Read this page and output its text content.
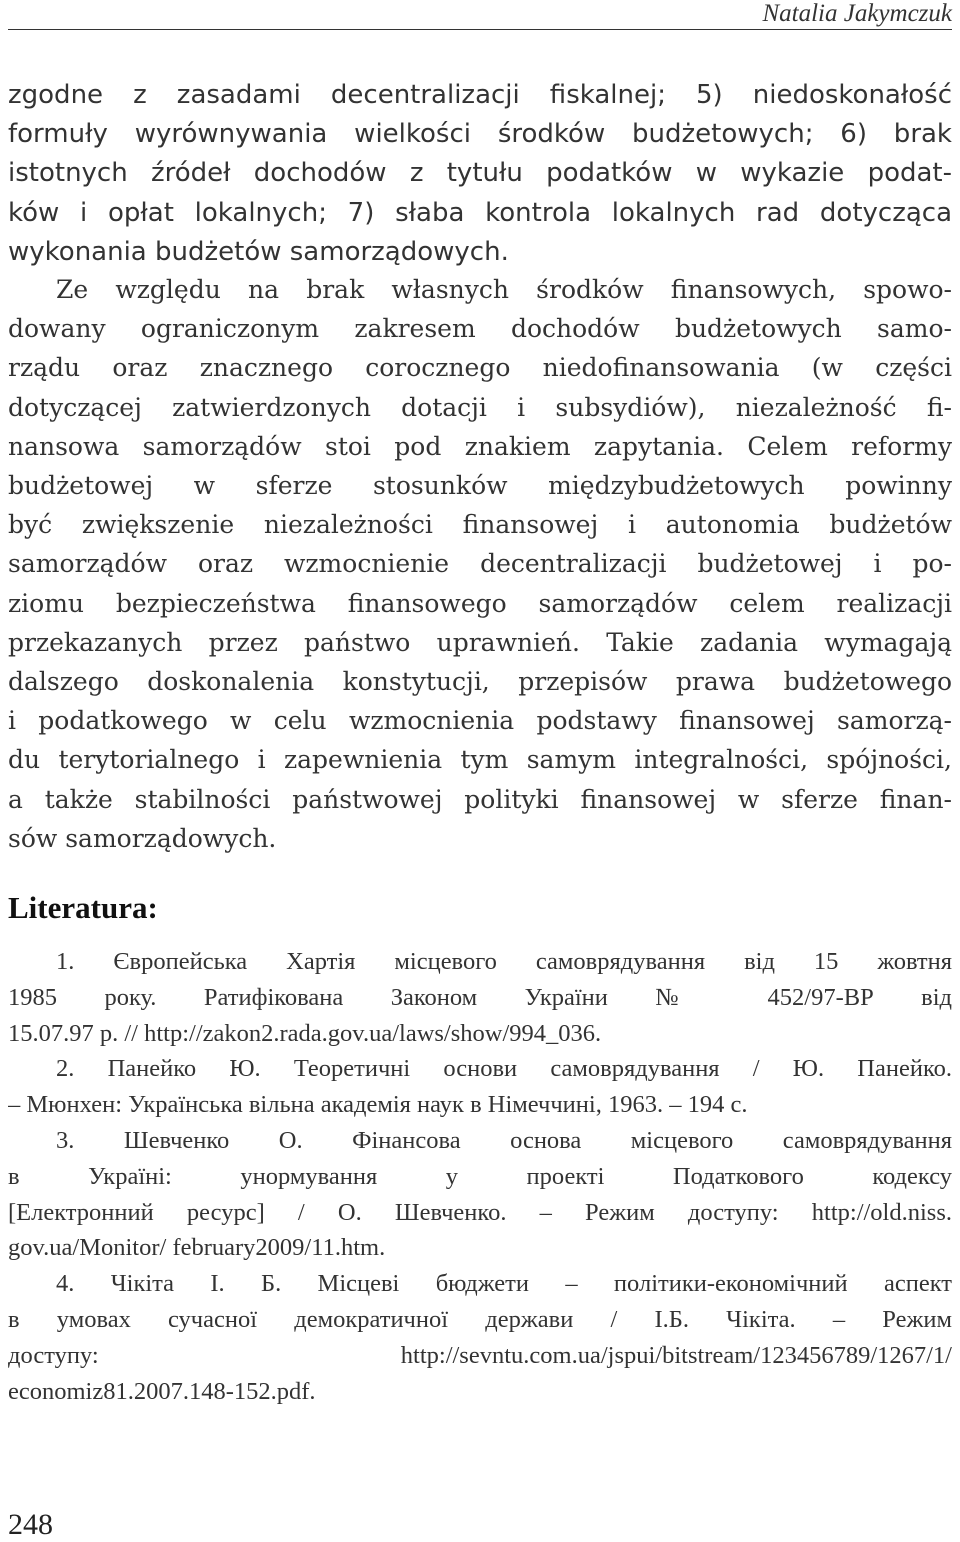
Natalia Jakymczuk
zgodne z zasadami decentralizacji fiskalnej; 5) niedoskonałość
formuły wyrównywania wielkości środków budżetowych; 6) brak
istotnych źródeł dochodów z tytułu podatków w wykazie podat-
ków i opłat lokalnych; 7) słaba kontrola lokalnych rad dotycząca
wykonania budżetów samorządowych.
Ze względu na brak własnych środków finansowych, spowo-
dowany ograniczonym zakresem dochodów budżetowych samo-
rządu oraz znacznego corocznego niedofinansowania (w części
dotyczącej zatwierdzonych dotacji i subsydiów), niezależność fi-
nansowa samorządów stoi pod znakiem zapytania. Celem reformy
budżetowej w sferze stosunków międzybudżetowych powinny
być zwiększenie niezależności finansowej i autonomia budżetów
samorządów oraz wzmocnienie decentralizacji budżetowej i po-
ziomu bezpieczeństwa finansowego samorządów celem realizacji
przekazanych przez państwo uprawnień. Takie zadania wymagają
dalszego doskonalenia konstytucji, przepisów prawa budżetowego
i podatkowego w celu wzmocnienia podstawy finansowej samorzą-
du terytorialnego i zapewnienia tym samym integralności, spójności,
a także stabilności państwowej polityki finansowej w sferze finan-
sów samorządowych.
Literatura:
1. Європейська Хартія місцевого самоврядування від 15 жовтня
1985 року. Ратифікована Законом України № 452/97-ВР від
15.07.97 р. // http://zakon2.rada.gov.ua/laws/show/994_036.
2. Панейко Ю. Теоретичні основи самоврядування / Ю. Панейко.
– Мюнхен: Українська вільна академія наук в Німеччині, 1963. – 194 с.
3. Шевченко О. Фінансова основа місцевого самоврядування
в Україні: унормування у проекті Податкового кодексу
[Електронний ресурс] / О. Шевченко. – Режим доступу: http://old.niss.
gov.ua/Monitor/ february2009/11.htm.
4. Чікіта І. Б. Місцеві бюджети – політики-економічний аспект
в умовах сучасної демократичної держави / І.Б. Чікіта. – Режим
доступу: http://sevntu.com.ua/jspui/bitstream/123456789/1267/1/
economiz81.2007.148-152.pdf.
248
